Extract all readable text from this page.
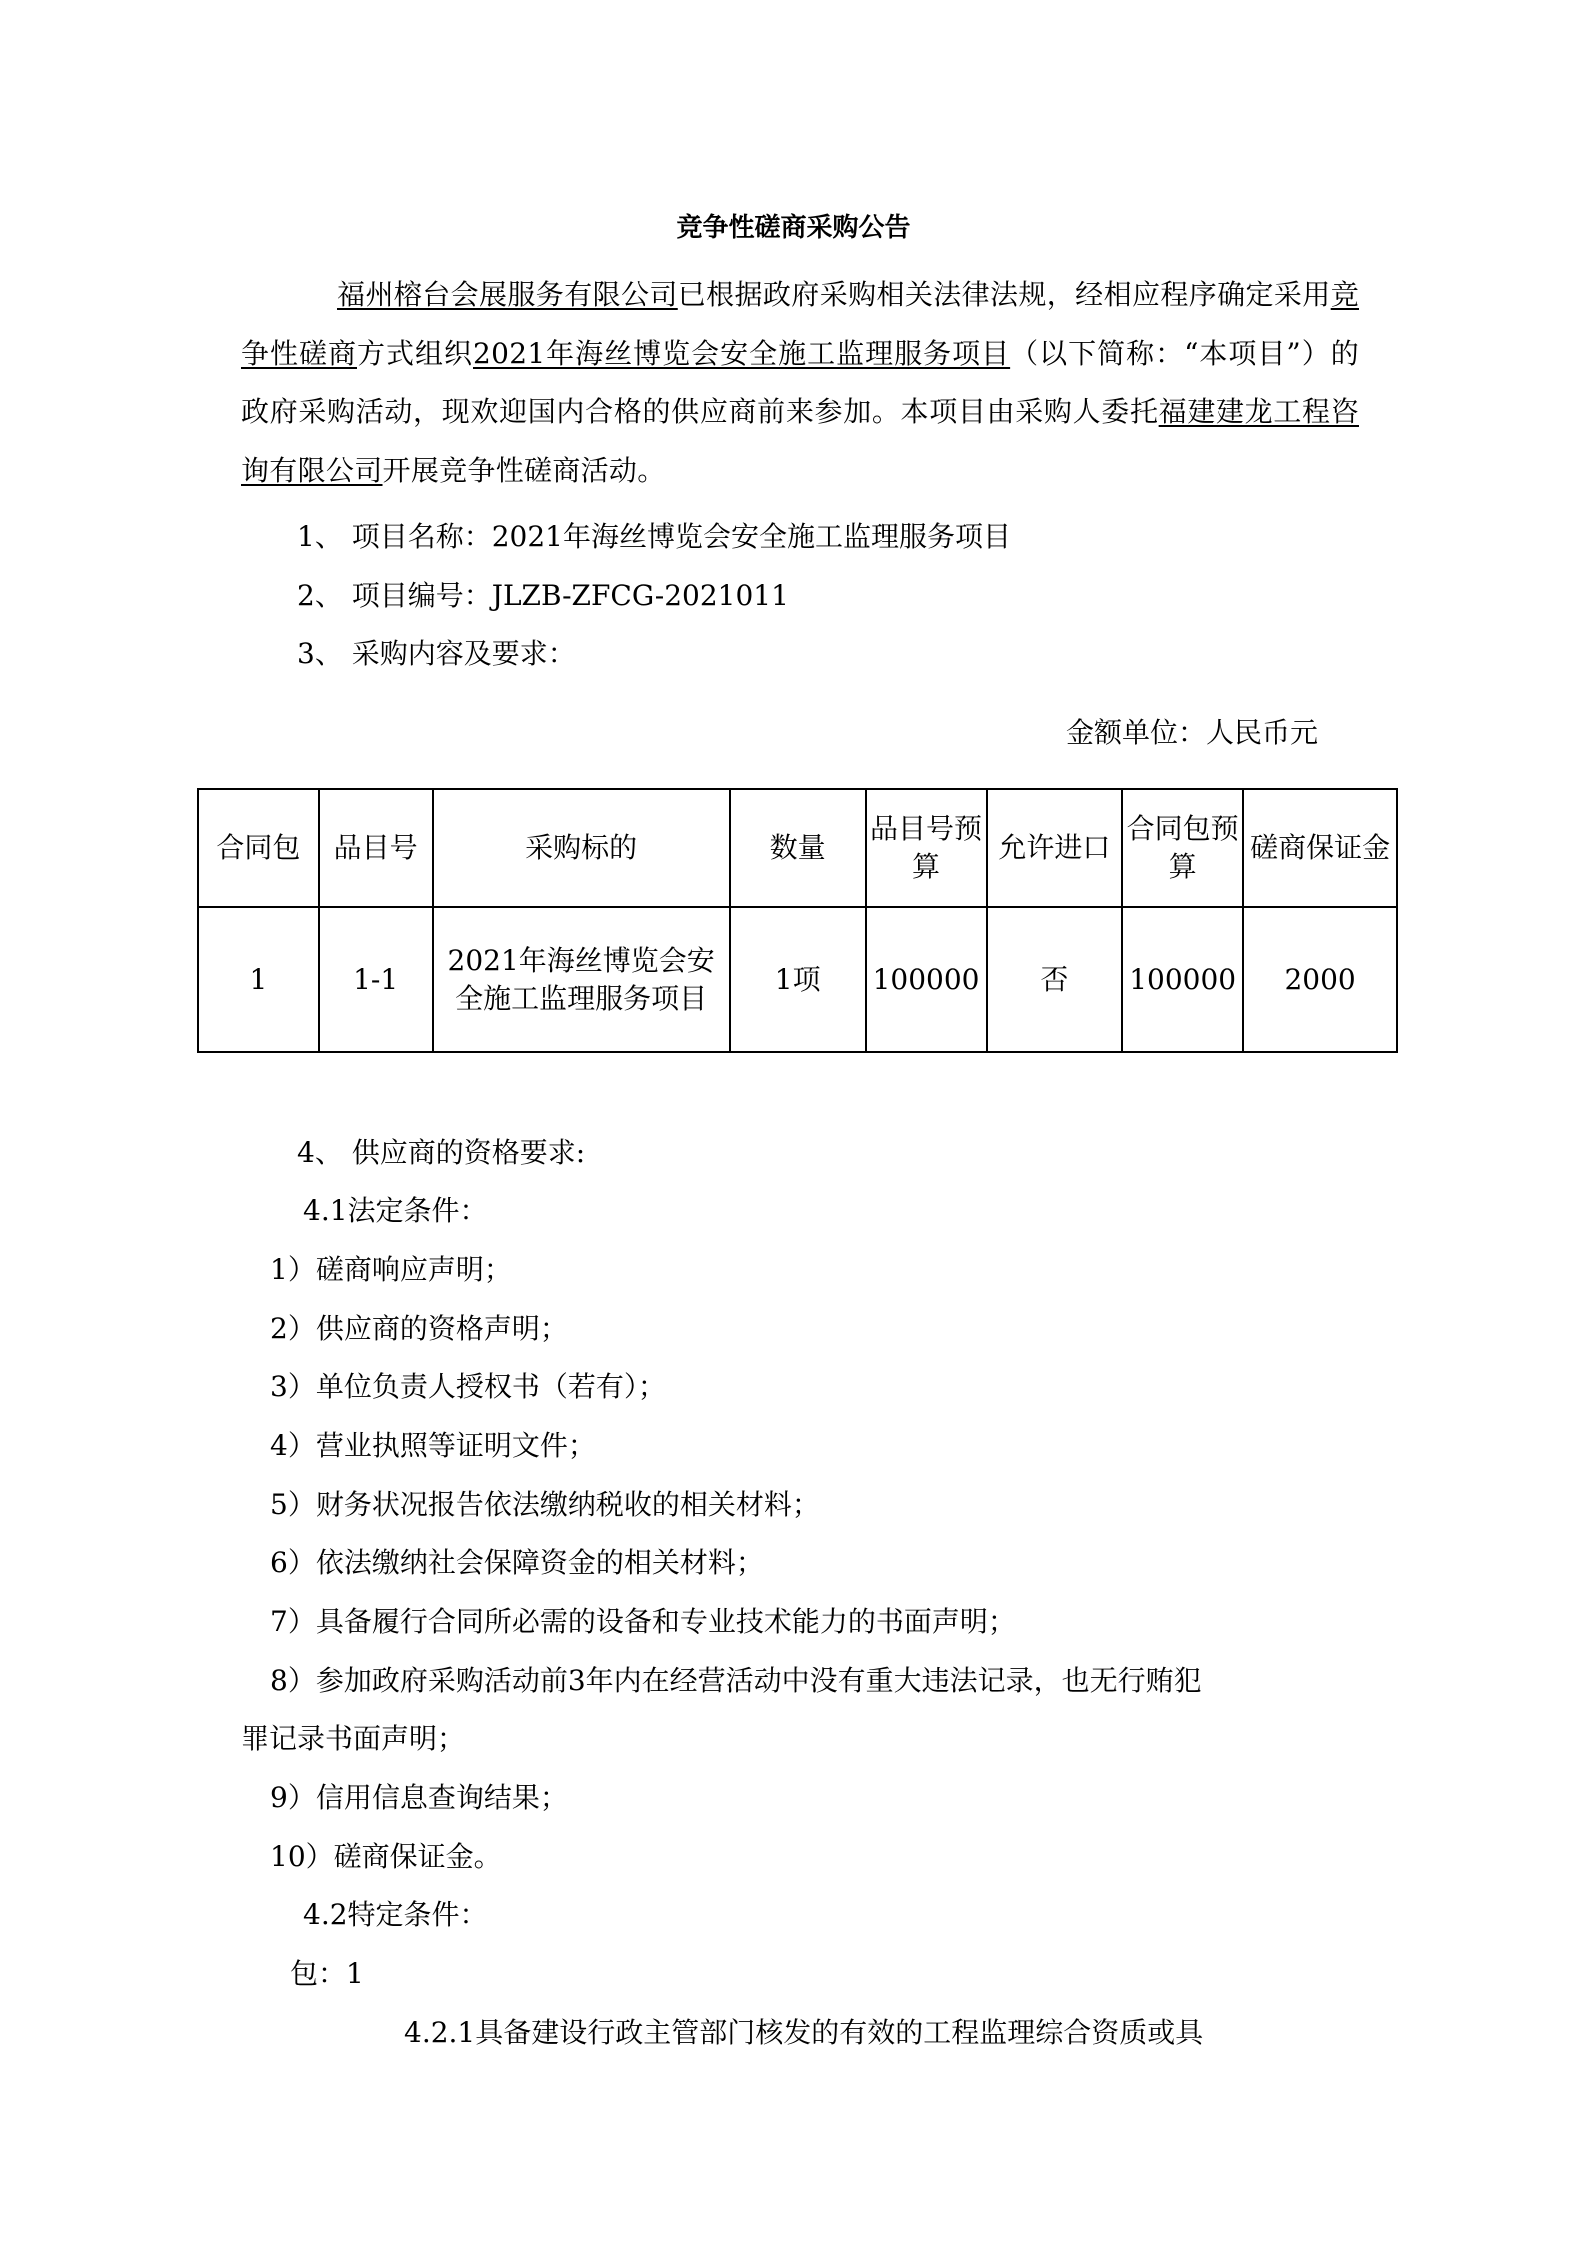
竞争性磋商采购公告
福州榕台会展服务有限公司已根据政府采购相关法律法规，经相应程序确定采用竞争性磋商方式组织2021年海丝博览会安全施工监理服务项目（以下简称：“本项目”）的政府采购活动，现欢迎国内合格的供应商前来参加。本项目由采购人委托福建建龙工程咨询有限公司开展竞争性磋商活动。
1、 项目名称：2021年海丝博览会安全施工监理服务项目
2、 项目编号：JLZB-ZFCG-2021011
3、 采购内容及要求：
金额单位：人民币元
合同包	品目号	采购标的	数量	品目号预算	允许进口	合同包预算	磋商保证金
1	1-1	2021年海丝博览会安全施工监理服务项目	1项	100000	否	100000	2000
4、 供应商的资格要求:
4.1法定条件：
1）磋商响应声明；
2）供应商的资格声明；
3）单位负责人授权书（若有）；
4）营业执照等证明文件；
5）财务状况报告依法缴纳税收的相关材料；
6）依法缴纳社会保障资金的相关材料；
7）具备履行合同所必需的设备和专业技术能力的书面声明；
8）参加政府采购活动前3年内在经营活动中没有重大违法记录，也无行贿犯
罪记录书面声明；
9）信用信息查询结果；
10）磋商保证金。
4.2特定条件：
包：1
4.2.1具备建设行政主管部门核发的有效的工程监理综合资质或具
